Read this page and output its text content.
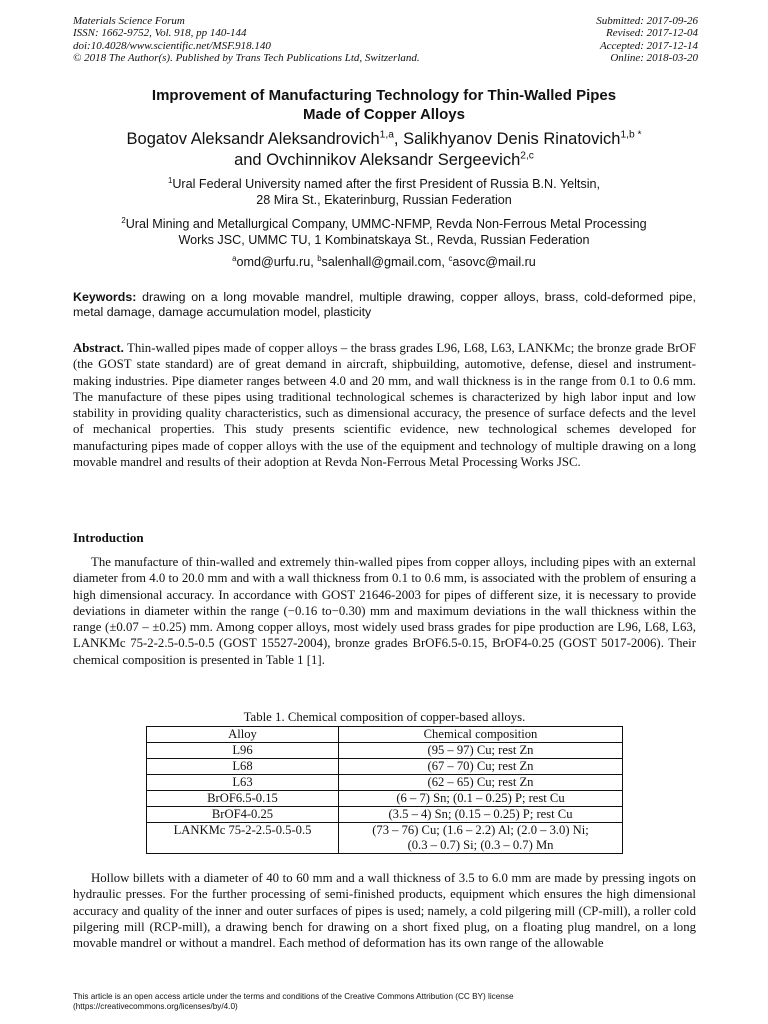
Materials Science Forum
ISSN: 1662-9752, Vol. 918, pp 140-144
doi:10.4028/www.scientific.net/MSF.918.140
© 2018 The Author(s). Published by Trans Tech Publications Ltd, Switzerland.
Submitted: 2017-09-26
Revised: 2017-12-04
Accepted: 2017-12-14
Online: 2018-03-20
Improvement of Manufacturing Technology for Thin-Walled Pipes
Made of Copper Alloys
Bogatov Aleksandr Aleksandrovich$^{1,a}$, Salikhyanov Denis Rinatovich$^{1,b *}$
and Ovchinnikov Aleksandr Sergeevich$^{2,c}$
$^1$Ural Federal University named after the first President of Russia B.N. Yeltsin,
28 Mira St., Ekaterinburg, Russian Federation
$^2$Ural Mining and Metallurgical Company, UMMC-NFMP, Revda Non-Ferrous Metal Processing
Works JSC, UMMC TU, 1 Kombinatskaya St., Revda, Russian Federation
$^a$omd@urfu.ru, $^b$salenhall@gmail.com, $^c$asovc@mail.ru
Keywords: drawing on a long movable mandrel, multiple drawing, copper alloys, brass, cold-deformed pipe, metal damage, damage accumulation model, plasticity
Abstract. Thin-walled pipes made of copper alloys – the brass grades L96, L68, L63, LANKMc; the bronze grade BrOF (the GOST state standard) are of great demand in aircraft, shipbuilding, automotive, defense, diesel and instrument-making industries. Pipe diameter ranges between 4.0 and 20 mm, and wall thickness is in the range from 0.1 to 0.6 mm. The manufacture of these pipes using traditional technological schemes is characterized by high labor input and low stability in providing quality characteristics, such as dimensional accuracy, the presence of surface defects and the level of mechanical properties. This study presents scientific evidence, new technological schemes developed for manufacturing pipes made of copper alloys with the use of the equipment and technology of multiple drawing on a long movable mandrel and results of their adoption at Revda Non-Ferrous Metal Processing Works JSC.
Introduction
The manufacture of thin-walled and extremely thin-walled pipes from copper alloys, including pipes with an external diameter from 4.0 to 20.0 mm and with a wall thickness from 0.1 to 0.6 mm, is associated with the problem of ensuring a high dimensional accuracy. In accordance with GOST 21646-2003 for pipes of different size, it is necessary to provide deviations in diameter within the range (−0.16 to−0.30) mm and maximum deviations in the wall thickness within the range (±0.07 – ±0.25) mm. Among copper alloys, most widely used brass grades for pipe production are L96, L68, L63, LANKMc 75-2-2.5-0.5-0.5 (GOST 15527-2004), bronze grades BrOF6.5-0.15, BrOF4-0.25 (GOST 5017-2006). Their chemical composition is presented in Table 1 [1].
Table 1. Chemical composition of copper-based alloys.
Alloy	Chemical composition
L96	(95 – 97) Cu; rest Zn
L68	(67 – 70) Cu; rest Zn
L63	(62 – 65) Cu; rest Zn
BrOF6.5-0.15	(6 – 7) Sn; (0.1 – 0.25) P; rest Cu
BrOF4-0.25	(3.5 – 4) Sn; (0.15 – 0.25) P; rest Cu
LANKMc 75-2-2.5-0.5-0.5	(73 – 76) Cu; (1.6 – 2.2) Al; (2.0 – 3.0) Ni;
(0.3 – 0.7) Si; (0.3 – 0.7) Mn
Hollow billets with a diameter of 40 to 60 mm and a wall thickness of 3.5 to 6.0 mm are made by pressing ingots on hydraulic presses. For the further processing of semi-finished products, equipment which ensures the high dimensional accuracy and quality of the inner and outer surfaces of pipes is used; namely, a cold pilgering mill (CP-mill), a roller cold pilgering mill (RCP-mill), a drawing bench for drawing on a short fixed plug, on a floating plug mandrel, on a long movable mandrel or without a mandrel. Each method of deformation has its own range of the allowable
This article is an open access article under the terms and conditions of the Creative Commons Attribution (CC BY) license
(https://creativecommons.org/licenses/by/4.0)
